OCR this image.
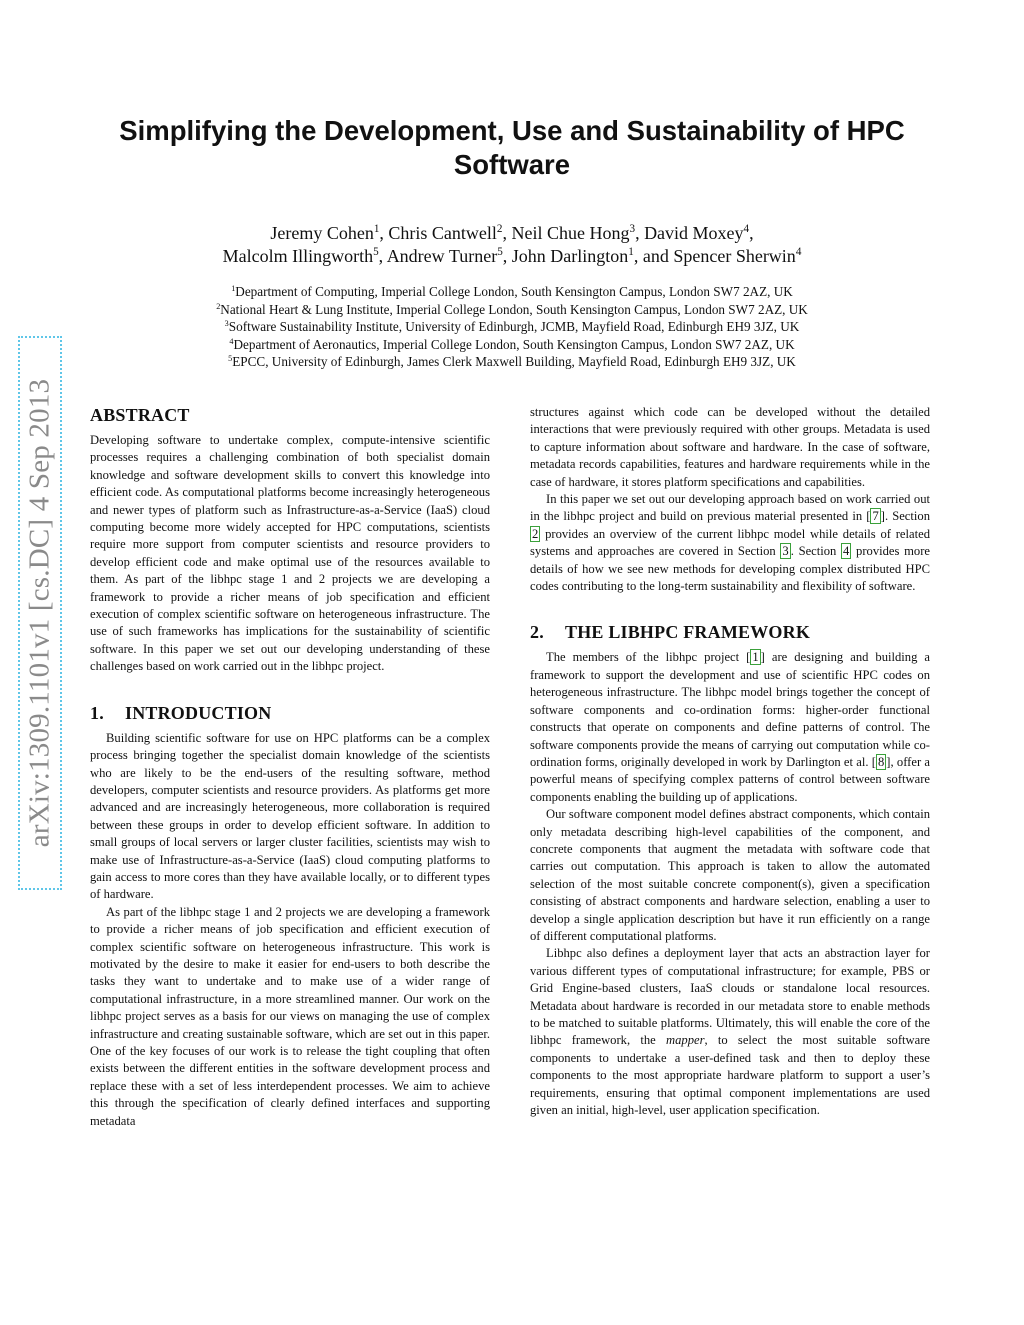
Simplifying the Development, Use and Sustainability of HPC Software
Jeremy Cohen$^1$, Chris Cantwell$^2$, Neil Chue Hong$^3$, David Moxey$^4$,
Malcolm Illingworth$^5$, Andrew Turner$^5$, John Darlington$^1$, and Spencer Sherwin$^4$
$^1$Department of Computing, Imperial College London, South Kensington Campus, London SW7 2AZ, UK
$^2$National Heart & Lung Institute, Imperial College London, South Kensington Campus, London SW7 2AZ, UK
$^3$Software Sustainability Institute, University of Edinburgh, JCMB, Mayfield Road, Edinburgh EH9 3JZ, UK
$^4$Department of Aeronautics, Imperial College London, South Kensington Campus, London SW7 2AZ, UK
$^5$EPCC, University of Edinburgh, James Clerk Maxwell Building, Mayfield Road, Edinburgh EH9 3JZ, UK
arXiv:1309.1101v1 [cs.DC] 4 Sep 2013 ABSTRACT

Developing software to undertake complex, compute-intensive scientific processes requires a challenging combination of both specialist domain knowledge and software development skills to convert this knowledge into efficient code. As computational platforms become increasingly heterogeneous and newer types of platform such as Infrastructure-as-a-Service (IaaS) cloud computing become more widely accepted for HPC computations, scientists require more support from computer scientists and resource providers to develop efficient code and make optimal use of the resources available to them. As part of the libhpc stage 1 and 2 projects we are developing a framework to provide a richer means of job specification and efficient execution of complex scientific software on heterogeneous infrastructure. The use of such frameworks has implications for the sustainability of scientific software. In this paper we set out our developing understanding of these challenges based on work carried out in the libhpc project.

1. INTRODUCTION

Building scientific software for use on HPC platforms can be a complex process bringing together the specialist domain knowledge of the scientists who are likely to be the end-users of the resulting software, method developers, computer scientists and resource providers. As platforms get more advanced and are increasingly heterogeneous, more collaboration is required between these groups in order to develop efficient software. In addition to small groups of local servers or larger cluster facilities, scientists may wish to make use of Infrastructure-as-a-Service (IaaS) cloud computing platforms to gain access to more cores than they have available locally, or to different types of hardware.

As part of the libhpc stage 1 and 2 projects we are developing a framework to provide a richer means of job specification and efficient execution of complex scientific software on heterogeneous infrastructure. This work is motivated by the desire to make it easier for end-users to both describe the tasks they want to undertake and to make use of a wider range of computational infrastructure, in a more streamlined manner. Our work on the libhpc project serves as a basis for our views on managing the use of complex infrastructure and creating sustainable software, which are set out in this paper. One of the key focuses of our work is to release the tight coupling that often exists between the different entities in the software development process and replace these with a set of less interdependent processes. We aim to achieve this through the specification of clearly defined interfaces and supporting metadata

structures against which code can be developed without the detailed interactions that were previously required with other groups. Metadata is used to capture information about software and hardware. In the case of software, metadata records capabilities, features and hardware requirements while in the case of hardware, it stores platform specifications and capabilities.

In this paper we set out our developing approach based on work carried out in the libhpc project and build on previous material presented in [ 7 ]. Section 2 provides an overview of the current libhpc model while details of related systems and approaches are covered in Section 3 . Section 4 provides more details of how we see new methods for developing complex distributed HPC codes contributing to the long-term sustainability and flexibility of software.

2. THE LIBHPC FRAMEWORK

The members of the libhpc project [ 1 ] are designing and building a framework to support the development and use of scientific HPC codes on heterogeneous infrastructure. The libhpc model brings together the concept of software components and co-ordination forms: higher-order functional constructs that operate on components and define patterns of control. The software components provide the means of carrying out computation while co-ordination forms, originally developed in work by Darlington et al. [ 8 ], offer a powerful means of specifying complex patterns of control between software components enabling the building up of applications.

Our software component model defines abstract components, which contain only metadata describing high-level capabilities of the component, and concrete components that augment the metadata with software code that carries out computation. This approach is taken to allow the automated selection of the most suitable concrete component(s), given a specification consisting of abstract components and hardware selection, enabling a user to develop a single application description but have it run efficiently on a range of different computational platforms.

Libhpc also defines a deployment layer that acts an abstraction layer for various different types of computational infrastructure; for example, PBS or Grid Engine-based clusters, IaaS clouds or standalone local resources. Metadata about hardware is recorded in our metadata store to enable methods to be matched to suitable platforms. Ultimately, this will enable the core of the libhpc framework, the mapper, to select the most suitable software components to undertake a user-defined task and then to deploy these components to the most appropriate hardware platform to support a user’s requirements, ensuring that optimal component implementations are used given an initial, high-level, user application specification.
